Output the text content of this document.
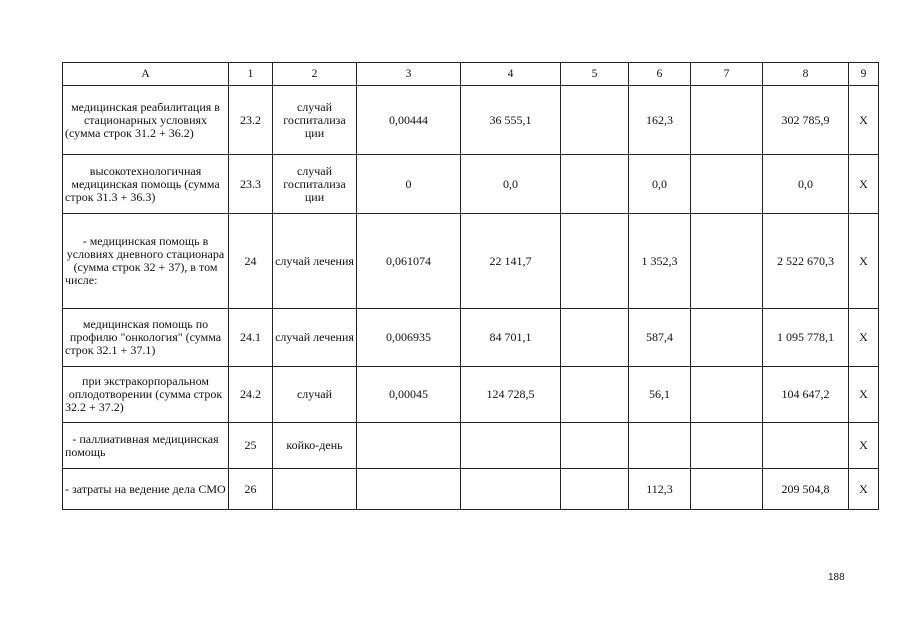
А	1	2	3	4	5	6	7	8	9
медицинская реабилитация в стационарных условиях (сумма строк 31.2 + 36.2)	23.2	случай госпитализа ции	0,00444	36 555,1		162,3		302 785,9	Х
высокотехнологичная медицинская помощь (сумма строк 31.3 + 36.3)	23.3	случай госпитализа ции	0	0,0		0,0		0,0	Х
- медицинская помощь в условиях дневного стационара (сумма строк 32 + 37), в том числе:	24	случай лечения	0,061074	22 141,7		1 352,3		2 522 670,3	Х
медицинская помощь по профилю "онкология" (сумма строк 32.1 + 37.1)	24.1	случай лечения	0,006935	84 701,1		587,4		1 095 778,1	Х
при экстракорпоральном оплодотворении (сумма строк 32.2 + 37.2)	24.2	случай	0,00045	124 728,5		56,1		104 647,2	Х
- паллиативная медицинская помощь	25	койко-день							Х
- затраты на ведение дела СМО	26					112,3		209 504,8	Х
188
